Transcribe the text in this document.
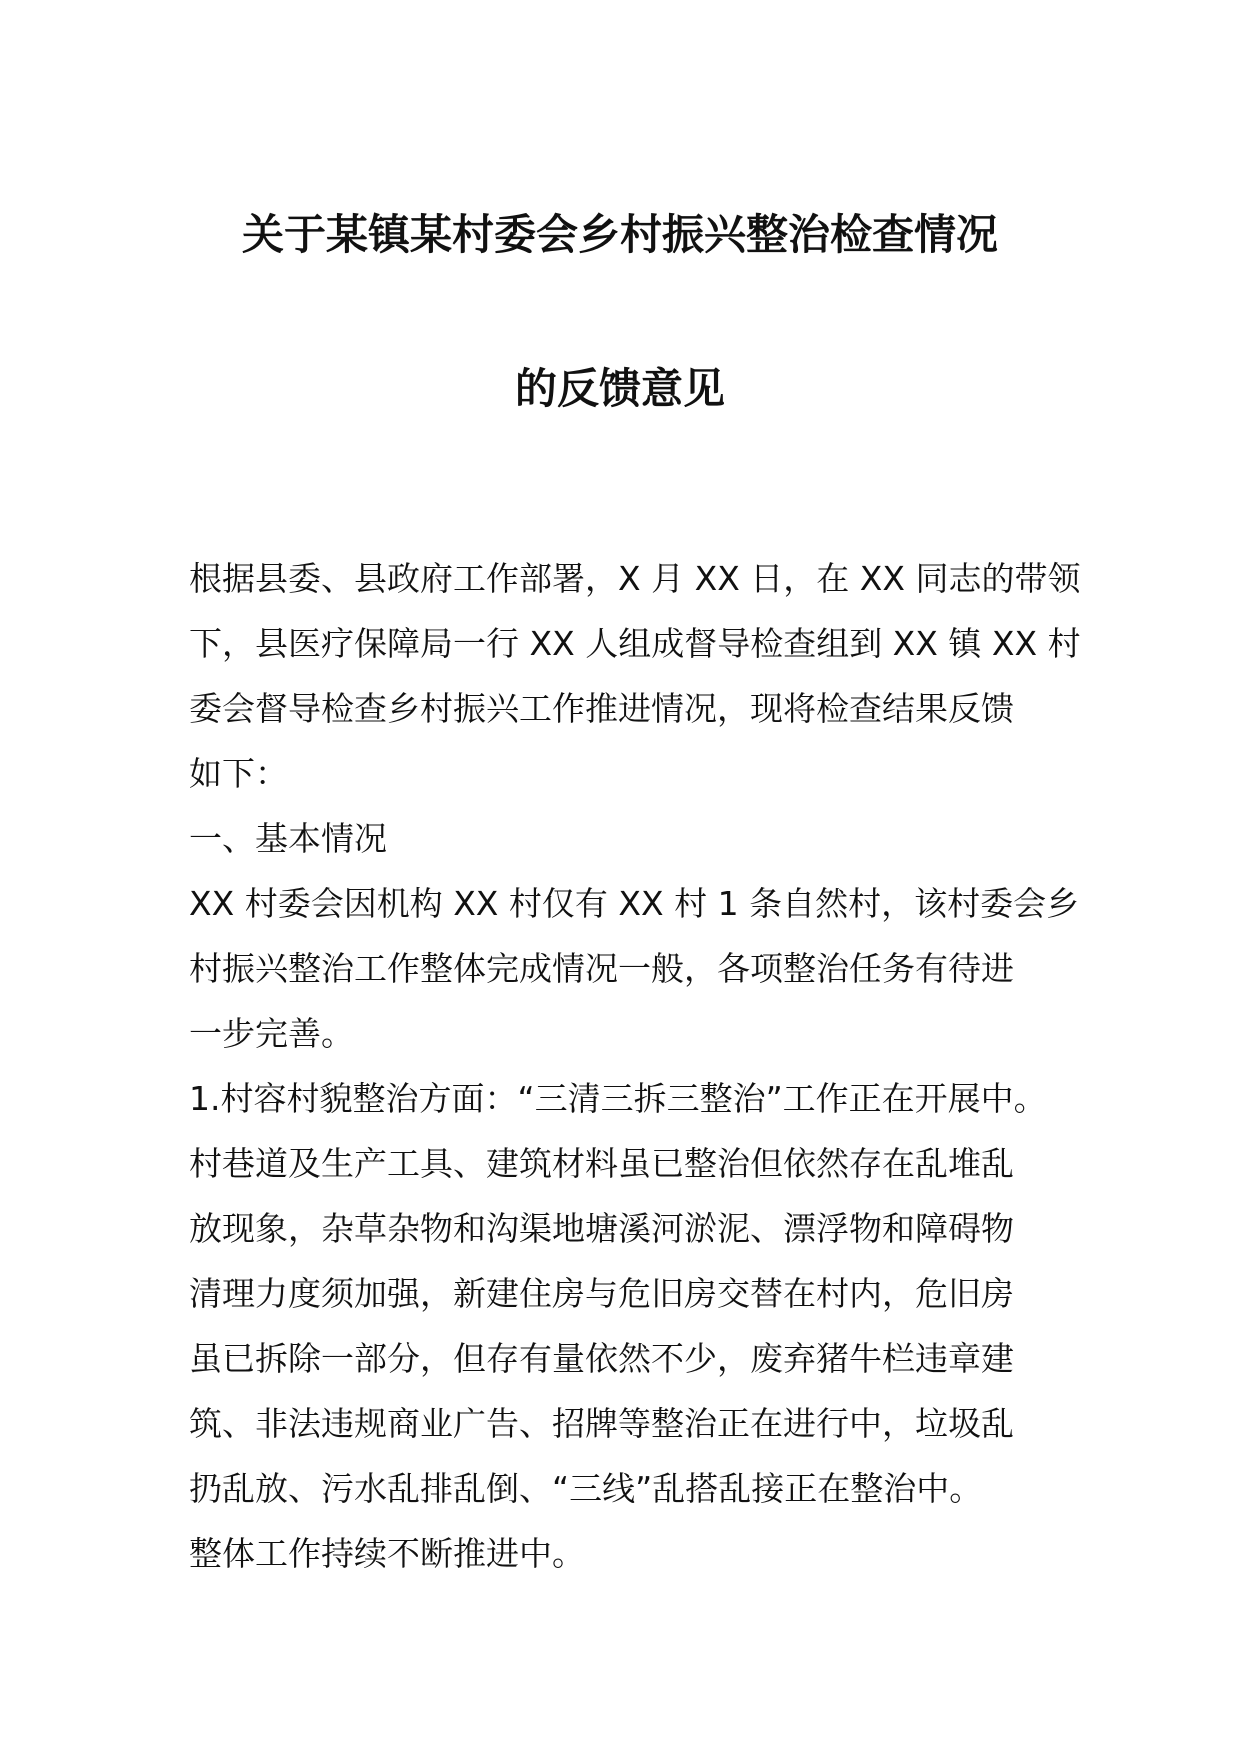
关于某镇某村委会乡村振兴整治检查情况
的反馈意见
根据县委、县政府工作部署，X 月 XX 日，在 XX 同志的带领
下，县医疗保障局一行 XX 人组成督导检查组到 XX 镇 XX 村
委会督导检查乡村振兴工作推进情况，现将检查结果反馈
如下：
一、基本情况
XX 村委会因机构 XX 村仅有 XX 村 1 条自然村，该村委会乡
村振兴整治工作整体完成情况一般，各项整治任务有待进
一步完善。
1.村容村貌整治方面：“三清三拆三整治”工作正在开展中。
村巷道及生产工具、建筑材料虽已整治但依然存在乱堆乱
放现象，杂草杂物和沟渠地塘溪河淤泥、漂浮物和障碍物
清理力度须加强，新建住房与危旧房交替在村内，危旧房
虽已拆除一部分，但存有量依然不少，废弃猪牛栏违章建
筑、非法违规商业广告、招牌等整治正在进行中，垃圾乱
扔乱放、污水乱排乱倒、“三线”乱搭乱接正在整治中。
整体工作持续不断推进中。
